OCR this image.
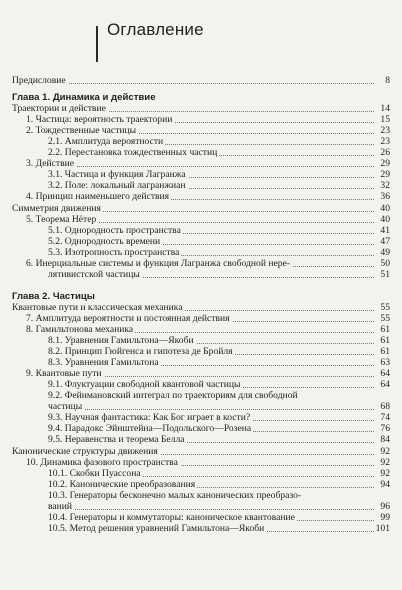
Оглавление
Предисловие	8
Глава 1. Динамика и действие
Траектории и действие	14
1. Частица: вероятность траектории	15
2. Тождественные частицы	23
2.1. Амплитуда вероятности	23
2.2. Перестановка тождественных частиц	26
3. Действие	29
3.1. Частица и функция Лагранжа	29
3.2. Поле: локальный лагранжиан	32
4. Принцип наименьшего действия	36
Симметрия движения	40
5. Теорема Нётер	40
5.1. Однородность пространства	41
5.2. Однородность времени	47
5.3. Изотропность пространства	49
6. Инерциальные системы и функция Лагранжа свободной нере-	50
лятивистской частицы	51
Глава 2. Частицы
Квантовые пути и классическая механика	55
7. Амплитуда вероятности и постоянная действия	55
8. Гамильтонова механика	61
8.1. Уравнения Гамильтона—Якоби	61
8.2. Принцип Гюйгенса и гипотеза де Бройля	61
8.3. Уравнения Гамильтона	63
9. Квантовые пути	64
9.1. Флуктуации свободной квантовой частицы	64
9.2. Фейнмановский интеграл по траекториям для свободной
частицы	68
9.3. Научная фантастика: Как Бог играет в кости?	74
9.4. Парадокс Эйнштейна—Подольского—Розена	76
9.5. Неравенства и теорема Белла	84
Канонические структуры движения	92
10. Динамика фазового пространства	92
10.1. Скобки Пуассона	92
10.2. Канонические преобразования	94
10.3. Генераторы бесконечно малых канонических преобразо-
ваний	96
10.4. Генераторы и коммутаторы: каноническое квантование	99
10.5. Метод решения уравнений Гамильтона—Якоби	101
